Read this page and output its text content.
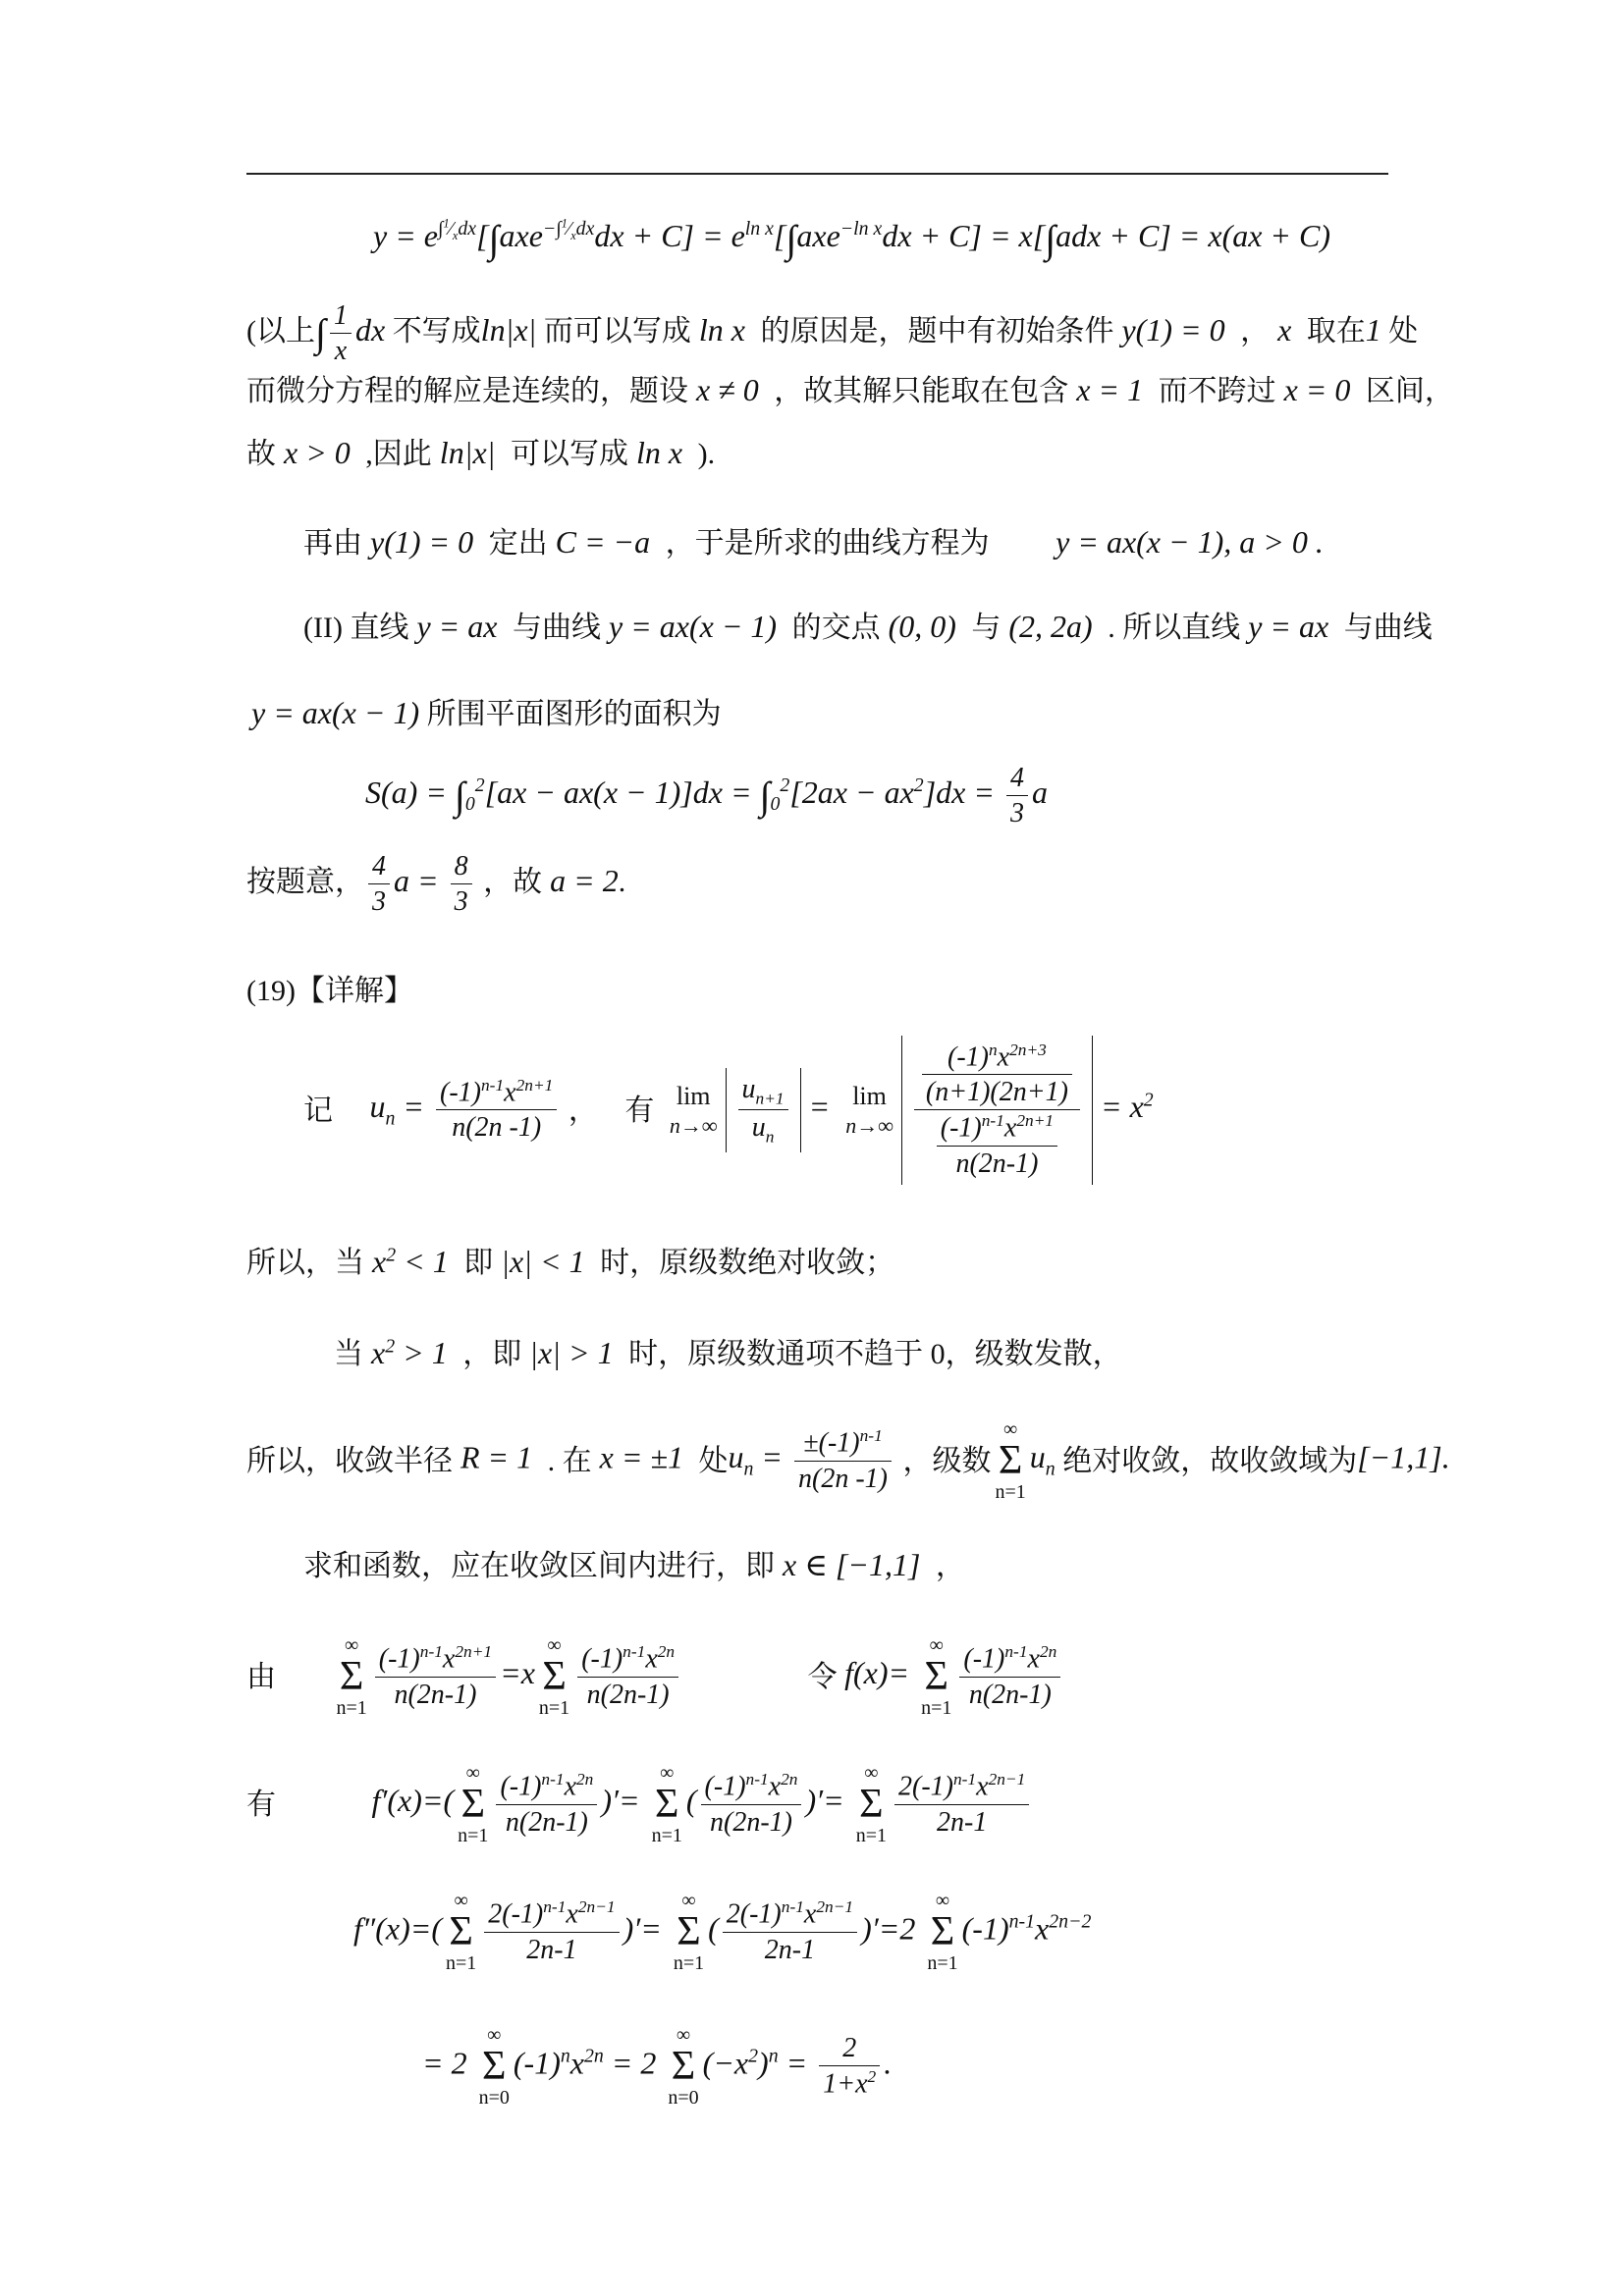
$y = e^{\int^1⁄_xdx}[\int axe^{-\int^1⁄_xdx}dx + C] = e^{ln x}[\int axe^{-ln x}dx + C] = x[\int adx + C] = x(ax + C)$
(以上∫ $\frac{1}{x}$ dx 不写成ln|x| 而可以写成 ln x  的原因是，题中有初始条件 y(1) = 0  ， x  取在1 处
而微分方程的解应是连续的，题设 x ≠ 0  ，故其解只能取在包含 x = 1  而不跨过 x = 0  区间，
故 x > 0  ,因此 ln|x|  可以写成 ln x  ).
再由 y(1) = 0  定出 C = −a  ，于是所求的曲线方程为 y = ax(x − 1), a > 0 .
(II) 直线 y = ax  与曲线 y = ax(x − 1)  的交点 (0, 0)  与 (2, 2a)  . 所以直线 y = ax  与曲线
y = ax(x − 1) 所围平面图形的面积为
$S(a) = \int_0^2[ax - ax(x - 1)]dx = \int_0^2[2ax - ax^2]dx = \frac{4}{3}$ a
按题意， $\frac{4}{3}$ $a = \frac{8}{3}$ ，故 a = 2.
(19)【详解】
记 $u_n = \frac{(-1)^{n-1}x^{2n+1}}{n(2n -1)}$ ， 有 lim
$n\to\infty \frac{u_{n+1}}{u_n} = \lim$
$n\to\infty \frac{\frac{(-1)^nx^{2n+3}}{(n+1)(2n+1)}}{\frac{(-1)^{n-1}x^{2n+1}}{n(2n-1)}} = x^2$
所以，当 $x^2 < 1$  即 |x| < 1  时，原级数绝对收敛；
当 $x^2 > 1$  ，即 |x| > 1  时，原级数通项不趋于 0，级数发散，
所以，收敛半径 R = 1  . 在 x = ±1  处$u_n = \frac{\pm(-1)^{n-1}}{n(2n -1)}$ ，级数
∞
Σ
n=1
$u_n$ 绝对收敛，故收敛域为[−1,1].
求和函数，应在收敛区间内进行，即 x ∈ [−1,1]  ，
由
∞
Σ
$n=1 \frac{(-1)^{n-1}x^{2n+1}}{n(2n-1)} =x$
∞
Σ
$n=1 \frac{(-1)^{n-1}x^{2n}}{n(2n-1)}$	令 f(x)=
∞
Σ
$n=1 \frac{(-1)^{n-1}x^{2n}}{n(2n-1)}$
有	f′(x)=(
∞
Σ
$n=1 \frac{(-1)^{n-1}x^{2n}}{n(2n-1)}$ )′=
∞
Σ
n=1
( $\frac{(-1)^{n-1}x^{2n}}{n(2n-1)}$ )′=
∞
Σ
$n=1 \frac{2(-1)^{n-1}x^{2n-1}}{2n-1}$
f″(x)=(
∞
Σ
$n=1 \frac{2(-1)^{n-1}x^{2n-1}}{2n-1}$ )′=
∞
Σ
n=1
( $\frac{2(-1)^{n-1}x^{2n-1}}{2n-1} )'=2$
∞
Σ
n=1
$(-1)^{n-1}x^{2n-2}$
= 2
∞
Σ
n=0
$(-1)^nx^{2n} = 2$
∞
Σ
n=0
$(-x^2)^n = \frac{2}{1+x^2}$ .
